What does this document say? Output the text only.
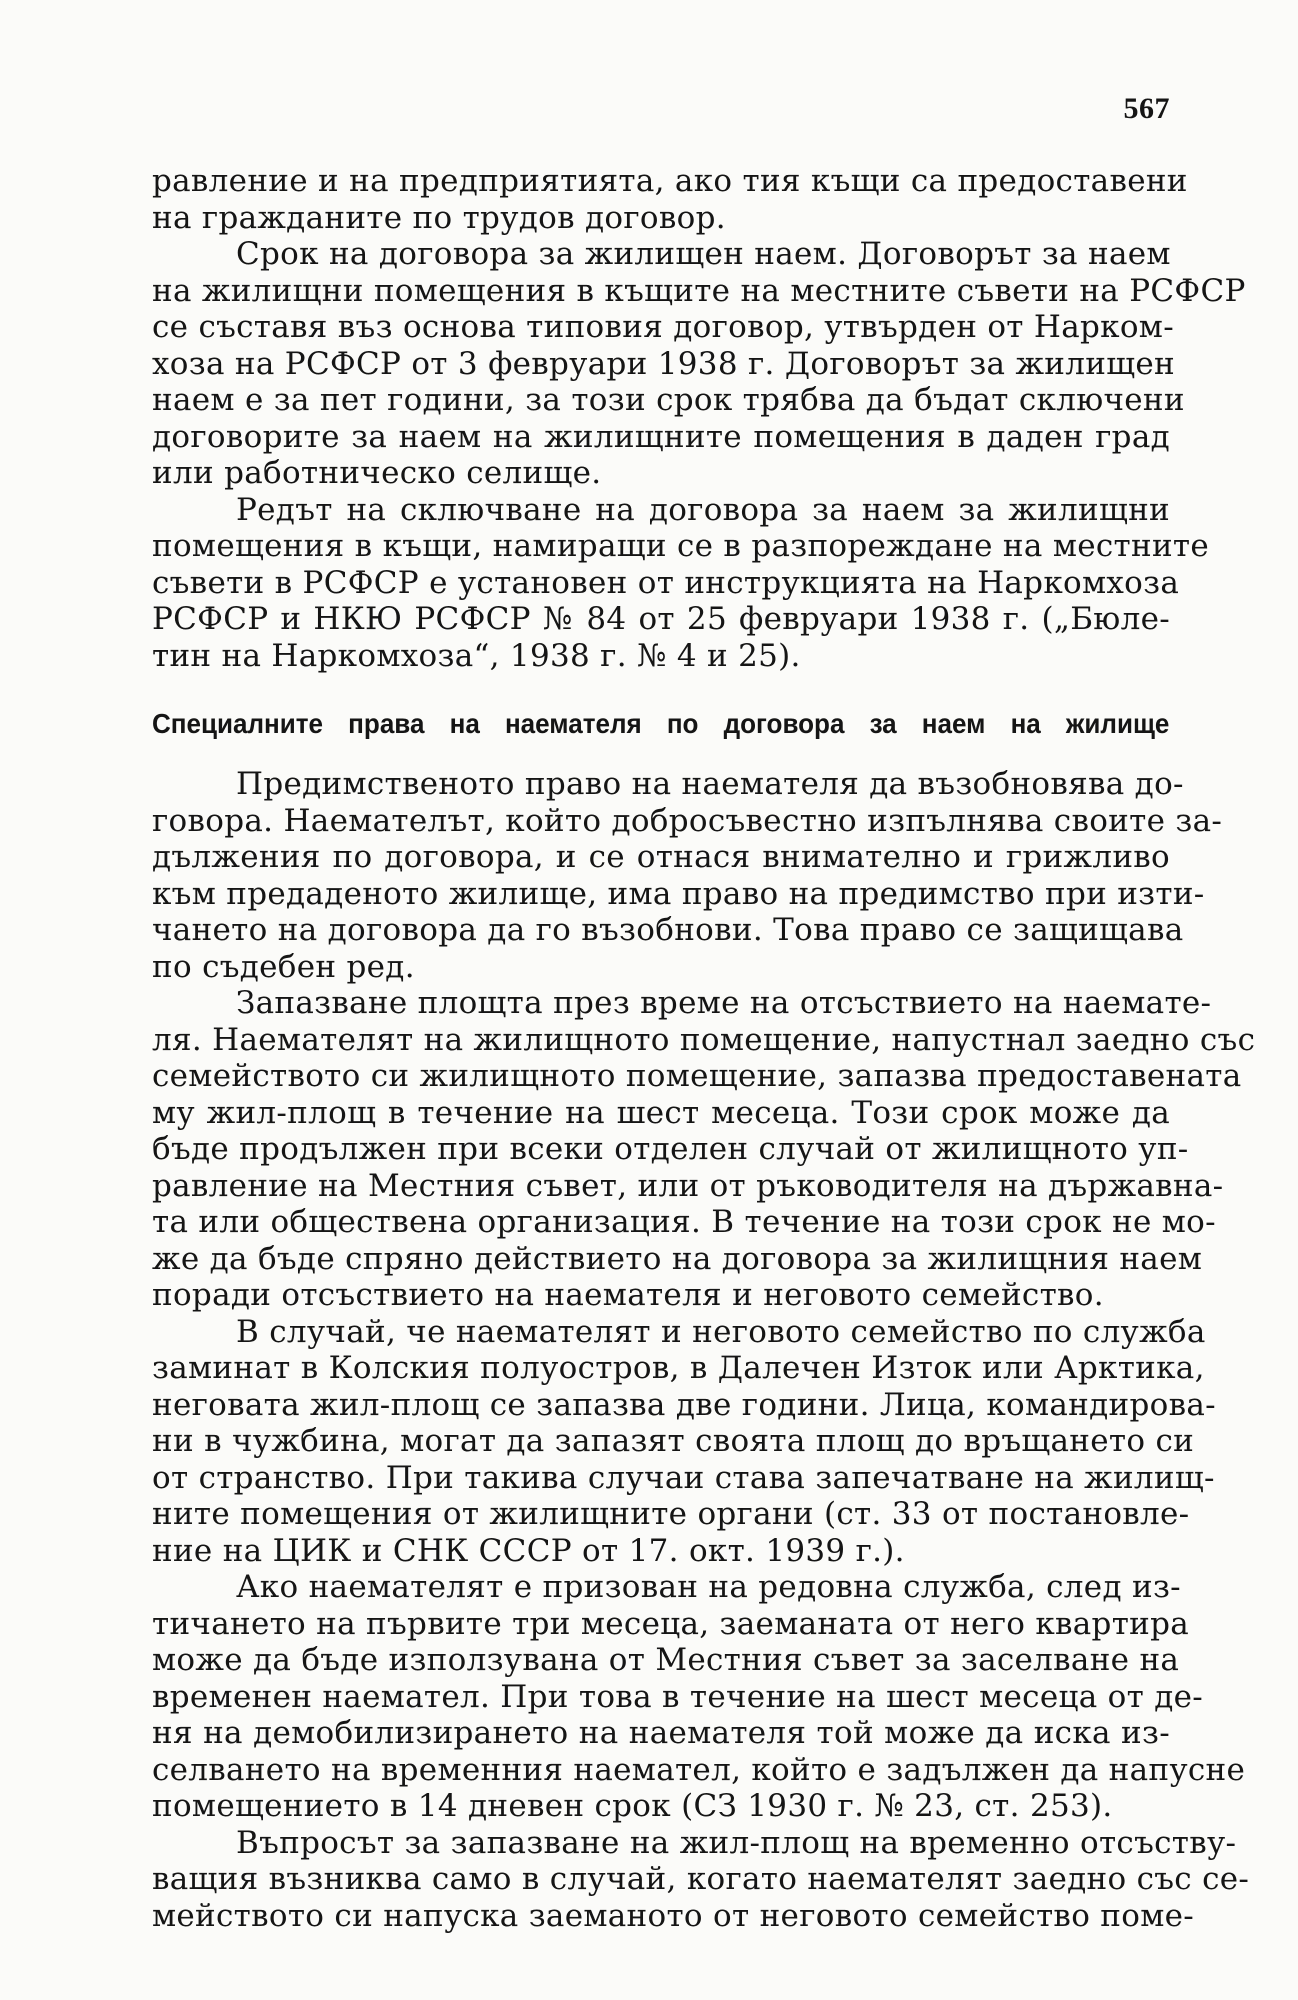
567
равление и на предприятията, ако тия къщи са предоставени
на гражданите по трудов договор.
Срок на договора за жилищен наем. Договорът за наем
на жилищни помещения в къщите на местните съвети на РСФСР
се съставя въз основа типовия договор, утвърден от Нарком-
хоза на РСФСР от 3 февруари 1938 г. Договорът за жилищен
наем е за пет години, за този срок трябва да бъдат сключени
договорите за наем на жилищните помещения в даден град
или работническо селище.
Редът на сключване на договора за наем за жилищни
помещения в къщи, намиращи се в разпореждане на местните
съвети в РСФСР е установен от инструкцията на Наркомхоза
РСФСР и НКЮ РСФСР № 84 от 25 февруари 1938 г. („Бюле-
тин на Наркомхоза“, 1938 г. № 4 и 25).
Специалните права на наемателя по договора за наем на жилище
Предимственото право на наемателя да възобновява до-
говора. Наемателът, който добросъвестно изпълнява своите за-
дължения по договора, и се отнася внимателно и грижливо
към предаденото жилище, има право на предимство при изти-
чането на договора да го възобнови. Това право се защищава
по съдебен ред.
Запазване площта през време на отсъствието на наемате-
ля. Наемателят на жилищното помещение, напустнал заедно със
семейството си жилищното помещение, запазва предоставената
му жил-площ в течение на шест месеца. Този срок може да
бъде продължен при всеки отделен случай от жилищното уп-
равление на Местния съвет, или от ръководителя на държавна-
та или обществена организация. В течение на този срок не мо-
же да бъде спряно действието на договора за жилищния наем
поради отсъствието на наемателя и неговото семейство.
В случай, че наемателят и неговото семейство по служба
заминат в Колския полуостров, в Далечен Изток или Арктика,
неговата жил-площ се запазва две години. Лица, командирова-
ни в чужбина, могат да запазят своята площ до връщането си
от странство. При такива случаи става запечатване на жилищ-
ните помещения от жилищните органи (ст. 33 от постановле-
ние на ЦИК и СНК СССР от 17. окт. 1939 г.).
Ако наемателят е призован на редовна служба, след из-
тичането на първите три месеца, заеманата от него квартира
може да бъде използувана от Местния съвет за заселване на
временен наемател. При това в течение на шест месеца от де-
ня на демобилизирането на наемателя той може да иска из-
селването на временния наемател, който е задължен да напусне
помещението в 14 дневен срок (СЗ 1930 г. № 23, ст. 253).
Въпросът за запазване на жил-площ на временно отсъству-
ващия възниква само в случай, когато наемателят заедно със се-
мейството си напуска заеманото от неговото семейство поме-
